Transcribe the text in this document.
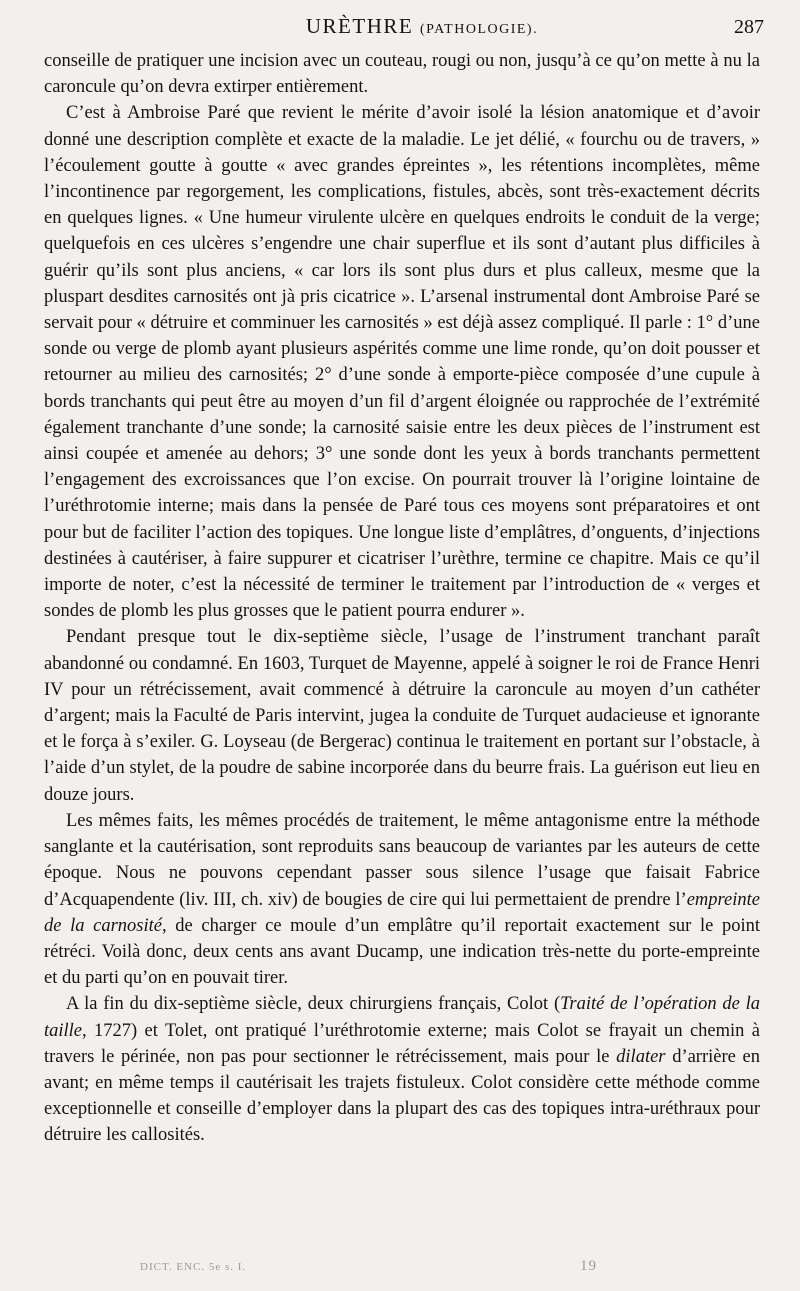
URÈTHRE (PATHOLOGIE).	287

conseille de pratiquer une incision avec un couteau, rougi ou non, jusqu’à ce qu’on mette à nu la caroncule qu’on devra extirper entièrement.

C’est à Ambroise Paré que revient le mérite d’avoir isolé la lésion anatomique et d’avoir donné une description complète et exacte de la maladie. Le jet délié, « fourchu ou de travers, » l’écoulement goutte à goutte « avec grandes épreintes », les rétentions incomplètes, même l’incontinence par regorgement, les complications, fistules, abcès, sont très-exactement décrits en quelques lignes. « Une humeur virulente ulcère en quelques endroits le conduit de la verge; quelquefois en ces ulcères s’engendre une chair superflue et ils sont d’autant plus difficiles à guérir qu’ils sont plus anciens, « car lors ils sont plus durs et plus calleux, mesme que la pluspart desdites carnosités ont jà pris cicatrice ». L’arsenal instrumental dont Ambroise Paré se servait pour « détruire et comminuer les carnosités » est déjà assez compliqué. Il parle : 1° d’une sonde ou verge de plomb ayant plusieurs aspérités comme une lime ronde, qu’on doit pousser et retourner au milieu des carnosités; 2° d’une sonde à emporte-pièce composée d’une cupule à bords tranchants qui peut être au moyen d’un fil d’argent éloignée ou rapprochée de l’extrémité également tranchante d’une sonde; la carnosité saisie entre les deux pièces de l’instrument est ainsi coupée et amenée au dehors; 3° une sonde dont les yeux à bords tranchants permettent l’engagement des excroissances que l’on excise. On pourrait trouver là l’origine lointaine de l’uréthrotomie interne; mais dans la pensée de Paré tous ces moyens sont préparatoires et ont pour but de faciliter l’action des topiques. Une longue liste d’emplâtres, d’onguents, d’injections destinées à cautériser, à faire suppurer et cicatriser l’urèthre, termine ce chapitre. Mais ce qu’il importe de noter, c’est la nécessité de terminer le traitement par l’introduction de « verges et sondes de plomb les plus grosses que le patient pourra endurer ».

Pendant presque tout le dix-septième siècle, l’usage de l’instrument tranchant paraît abandonné ou condamné. En 1603, Turquet de Mayenne, appelé à soigner le roi de France Henri IV pour un rétrécissement, avait commencé à détruire la caroncule au moyen d’un cathéter d’argent; mais la Faculté de Paris intervint, jugea la conduite de Turquet audacieuse et ignorante et le força à s’exiler. G. Loyseau (de Bergerac) continua le traitement en portant sur l’obstacle, à l’aide d’un stylet, de la poudre de sabine incorporée dans du beurre frais. La guérison eut lieu en douze jours.

Les mêmes faits, les mêmes procédés de traitement, le même antagonisme entre la méthode sanglante et la cautérisation, sont reproduits sans beaucoup de variantes par les auteurs de cette époque. Nous ne pouvons cependant passer sous silence l’usage que faisait Fabrice d’Acquapendente (liv. III, ch. xiv) de bougies de cire qui lui permettaient de prendre l’empreinte de la carnosité, de charger ce moule d’un emplâtre qu’il reportait exactement sur le point rétréci. Voilà donc, deux cents ans avant Ducamp, une indication très-nette du porte-empreinte et du parti qu’on en pouvait tirer.

A la fin du dix-septième siècle, deux chirurgiens français, Colot (Traité de l’opération de la taille, 1727) et Tolet, ont pratiqué l’uréthrotomie externe; mais Colot se frayait un chemin à travers le périnée, non pas pour sectionner le rétrécissement, mais pour le dilater d’arrière en avant; en même temps il cautérisait les trajets fistuleux. Colot considère cette méthode comme exceptionnelle et conseille d’employer dans la plupart des cas des topiques intra-uréthraux pour détruire les callosités.

DICT. ENC. 5e s. I.	19
